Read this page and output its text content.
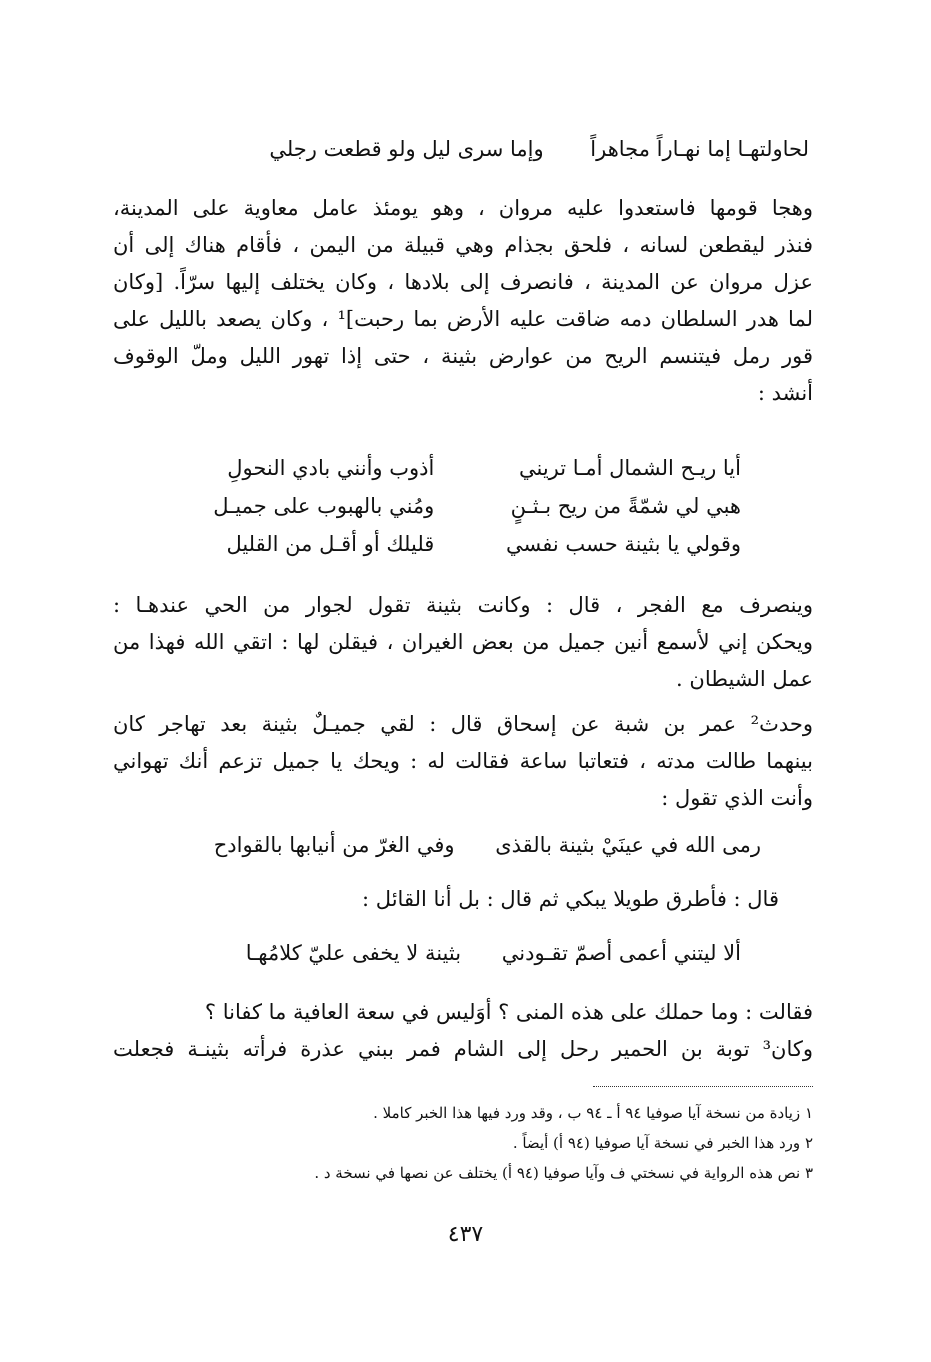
لحاولتهـا إما نهـاراً مجاهراً وإما سرى ليل ولو قطعت رجلي
وهجا قومها فاستعدوا عليه مروان ، وهو يومئذ عامل معاوية على المدينة،
فنذر ليقطعن لسانه ، فلحق بجذام وهي قبيلة من اليمن ، فأقام هناك إلى أن
عزل مروان عن المدينة ، فانصرف إلى بلادها ، وكان يختلف إليها سرّاً. [وكان
لما هدر السلطان دمه ضاقت عليه الأرض بما رحبت]¹ ، وكان يصعد بالليل على
قور رمل فيتنسم الريح من عوارض بثينة ، حتى إذا تهور الليل وملّ الوقوف
أنشد :
أيا ريـح الشمال أمـا تريني أذوب وأنني بادي النحولِ
هبي لي شمّةً من ريح بـثـنٍ ومُني بالهبوب على جميـل
وقولي يا بثينة حسب نفسي قليلك أو أقـل من القليل
وينصرف مع الفجر ، قال : وكانت بثينة تقول لجوار من الحي عندهـا :
ويحكن إني لأسمع أنين جميل من بعض الغيران ، فيقلن لها : اتقي الله فهذا من
عمل الشيطان .
وحدث² عمر بن شبة عن إسحاق قال : لقي جميـلٌ بثينة بعد تهاجر كان
بينهما طالت مدته ، فتعاتبا ساعة فقالت له : ويحك يا جميل تزعم أنك تهواني
وأنت الذي تقول :
رمى الله في عينَيْ بثينة بالقذى وفي الغرّ من أنيابها بالقوادح
قال : فأطرق طويلا يبكي ثم قال : بل أنا القائل :
ألا ليتني أعمى أصمّ تقـودني بثينة لا يخفى عليّ كلامُهـا
فقالت : وما حملك على هذه المنى ؟ أوَليس في سعة العافية ما كفانا ؟
وكان³ توبة بن الحمير رحل إلى الشام فمر ببني عذرة فرأته بثينـة فجعلت
١ زيادة من نسخة آيا صوفيا ٩٤ أ ـ ٩٤ ب ، وقد ورد فيها هذا الخبر كاملا .
٢ ورد هذا الخبر في نسخة آيا صوفيا (٩٤ أ) أيضاً .
٣ نص هذه الرواية في نسختي ف وآيا صوفيا (٩٤ أ) يختلف عن نصها في نسخة د .
٤٣٧
